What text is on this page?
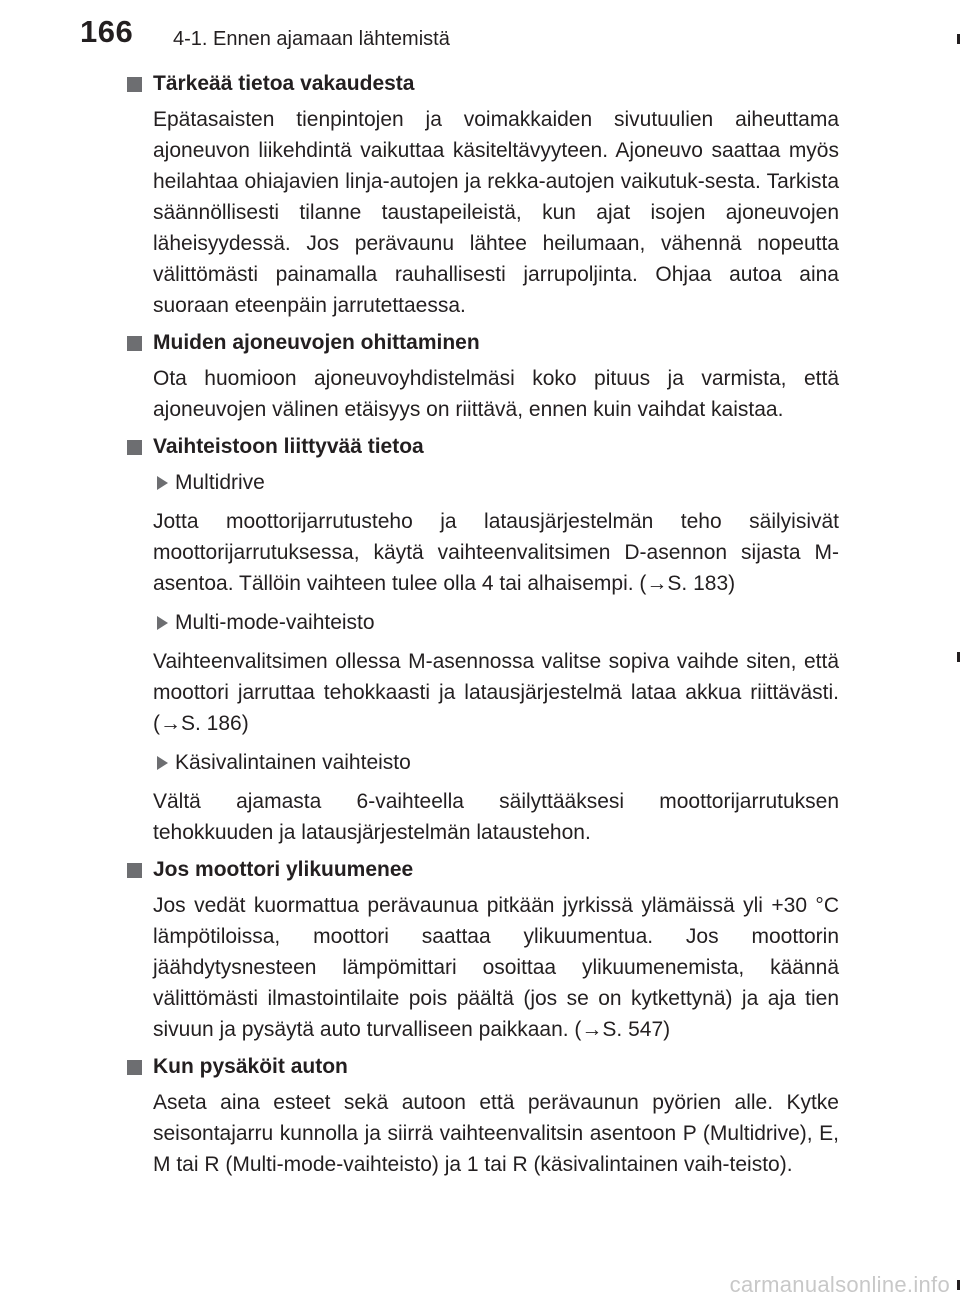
166 4-1. Ennen ajamaan lähtemistä
Tärkeää tietoa vakaudesta

Epätasaisten tienpintojen ja voimakkaiden sivutuulien aiheuttama ajoneuvon liikehdintä vaikuttaa käsiteltävyyteen. Ajoneuvo saattaa myös heilahtaa ohiajavien linja-autojen ja rekka-autojen vaikutuk-sesta. Tarkista säännöllisesti tilanne taustapeileistä, kun ajat isojen ajoneuvojen läheisyydessä. Jos perävaunu lähtee heilumaan, vähennä nopeutta välittömästi painamalla rauhallisesti jarrupoljinta. Ohjaa autoa aina suoraan eteenpäin jarrutettaessa.

Muiden ajoneuvojen ohittaminen

Ota huomioon ajoneuvoyhdistelmäsi koko pituus ja varmista, että ajoneuvojen välinen etäisyys on riittävä, ennen kuin vaihdat kaistaa.

Vaihteistoon liittyvää tietoa
Multidrive

Jotta moottorijarrutusteho ja latausjärjestelmän teho säilyisivät moottorijarrutuksessa, käytä vaihteenvalitsimen D-asennon sijasta M-asentoa. Tällöin vaihteen tulee olla 4 tai alhaisempi. (→S. 183)

Multi-mode-vaihteisto

Vaihteenvalitsimen ollessa M-asennossa valitse sopiva vaihde siten, että moottori jarruttaa tehokkaasti ja latausjärjestelmä lataa akkua riittävästi. (→S. 186)

Käsivalintainen vaihteisto

Vältä ajamasta 6-vaihteella säilyttääksesi moottorijarrutuksen tehokkuuden ja latausjärjestelmän lataustehon.

Jos moottori ylikuumenee

Jos vedät kuormattua perävaunua pitkään jyrkissä ylämäissä yli +30 °C lämpötiloissa, moottori saattaa ylikuumentua. Jos moottorin jäähdytysnesteen lämpömittari osoittaa ylikuumenemista, käännä välittömästi ilmastointilaite pois päältä (jos se on kytkettynä) ja aja tien sivuun ja pysäytä auto turvalliseen paikkaan. (→S. 547)

Kun pysäköit auton

Aseta aina esteet sekä autoon että perävaunun pyörien alle. Kytke seisontajarru kunnolla ja siirrä vaihteenvalitsin asentoon P (Multidrive), E, M tai R (Multi-mode-vaihteisto) ja 1 tai R (käsivalintainen vaih-teisto).

carmanualsonline.info
